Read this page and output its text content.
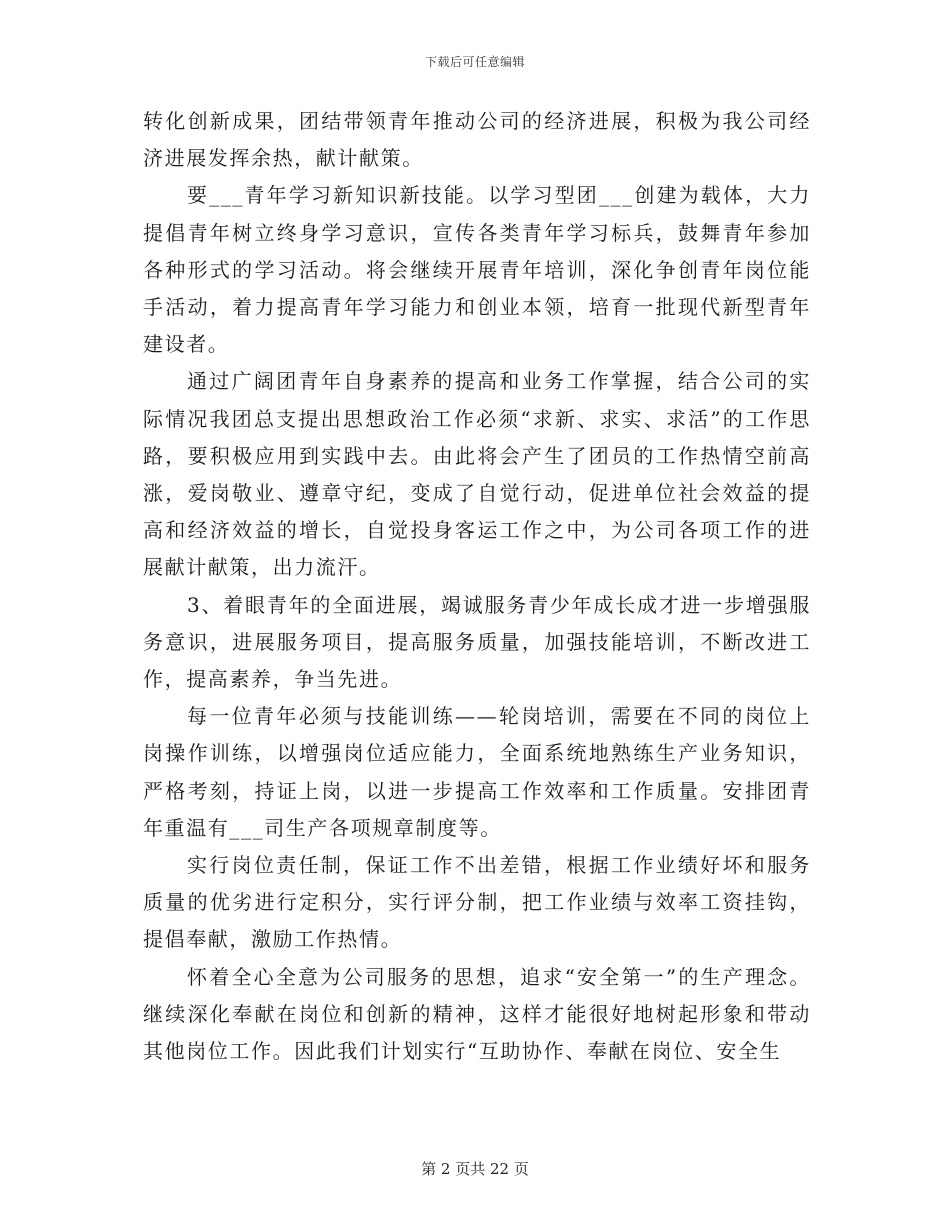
下载后可任意编辑

转化创新成果，团结带领青年推动公司的经济进展，积极为我公司经济进展发挥余热，献计献策。

要___青年学习新知识新技能。以学习型团___创建为载体，大力提倡青年树立终身学习意识，宣传各类青年学习标兵，鼓舞青年参加各种形式的学习活动。将会继续开展青年培训，深化争创青年岗位能手活动，着力提高青年学习能力和创业本领，培育一批现代新型青年建设者。

通过广阔团青年自身素养的提高和业务工作掌握，结合公司的实际情况我团总支提出思想政治工作必须“求新、求实、求活”的工作思路，要积极应用到实践中去。由此将会产生了团员的工作热情空前高涨，爱岗敬业、遵章守纪，变成了自觉行动，促进单位社会效益的提高和经济效益的增长，自觉投身客运工作之中，为公司各项工作的进展献计献策，出力流汗。

3、着眼青年的全面进展，竭诚服务青少年成长成才进一步增强服务意识，进展服务项目，提高服务质量，加强技能培训，不断改进工作，提高素养，争当先进。

每一位青年必须与技能训练——轮岗培训，需要在不同的岗位上岗操作训练，以增强岗位适应能力，全面系统地熟练生产业务知识，严格考刻，持证上岗，以进一步提高工作效率和工作质量。安排团青年重温有___司生产各项规章制度等。

实行岗位责任制，保证工作不出差错，根据工作业绩好坏和服务质量的优劣进行定积分，实行评分制，把工作业绩与效率工资挂钩，提倡奉献，激励工作热情。

怀着全心全意为公司服务的思想，追求“安全第一”的生产理念。继续深化奉献在岗位和创新的精神，这样才能很好地树起形象和带动其他岗位工作。因此我们计划实行“互助协作、奉献在岗位、安全生

第 2 页共 22 页
